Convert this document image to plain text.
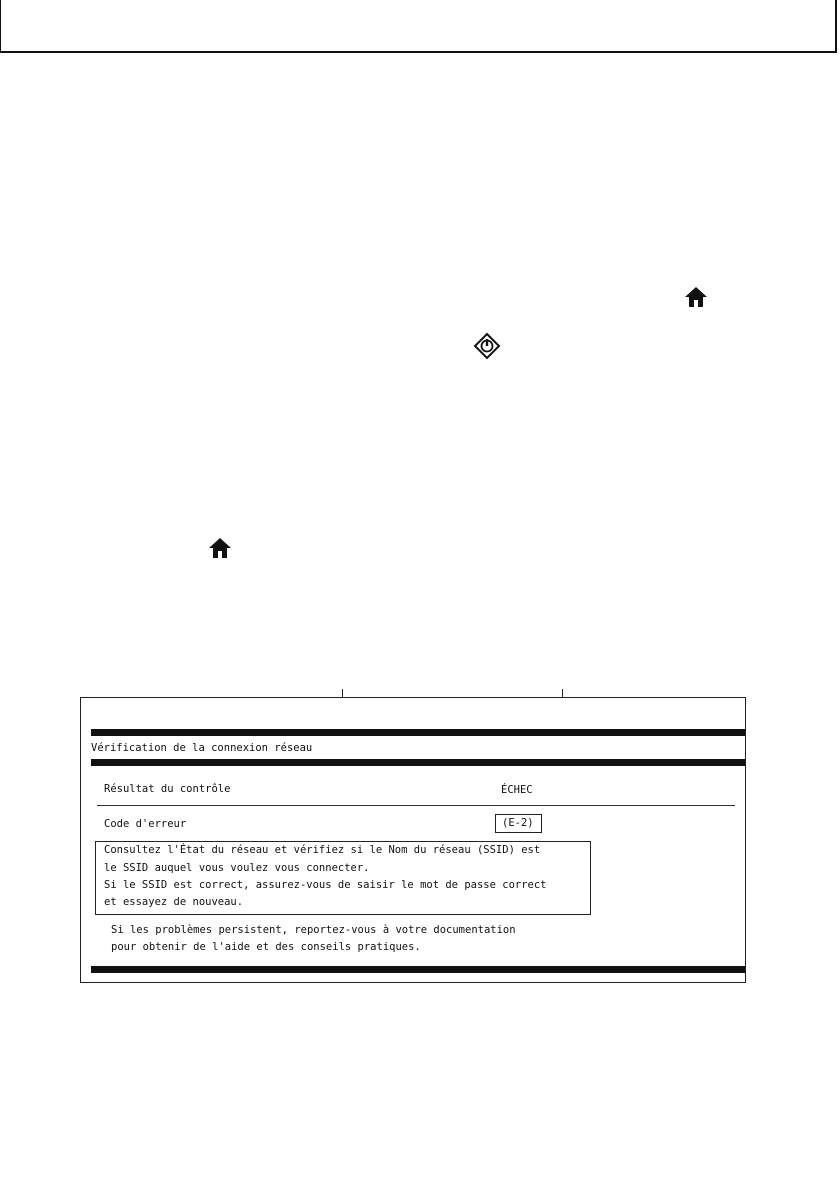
Vérification de la connexion réseau
Résultat du contrôle	ÉCHEC
Code d'erreur	(E-2)
Consultez l'État du réseau et vérifiez si le Nom du réseau (SSID) est
le SSID auquel vous voulez vous connecter.
Si le SSID est correct, assurez-vous de saisir le mot de passe correct
et essayez de nouveau.
Si les problèmes persistent, reportez-vous à votre documentation
pour obtenir de l'aide et des conseils pratiques.
